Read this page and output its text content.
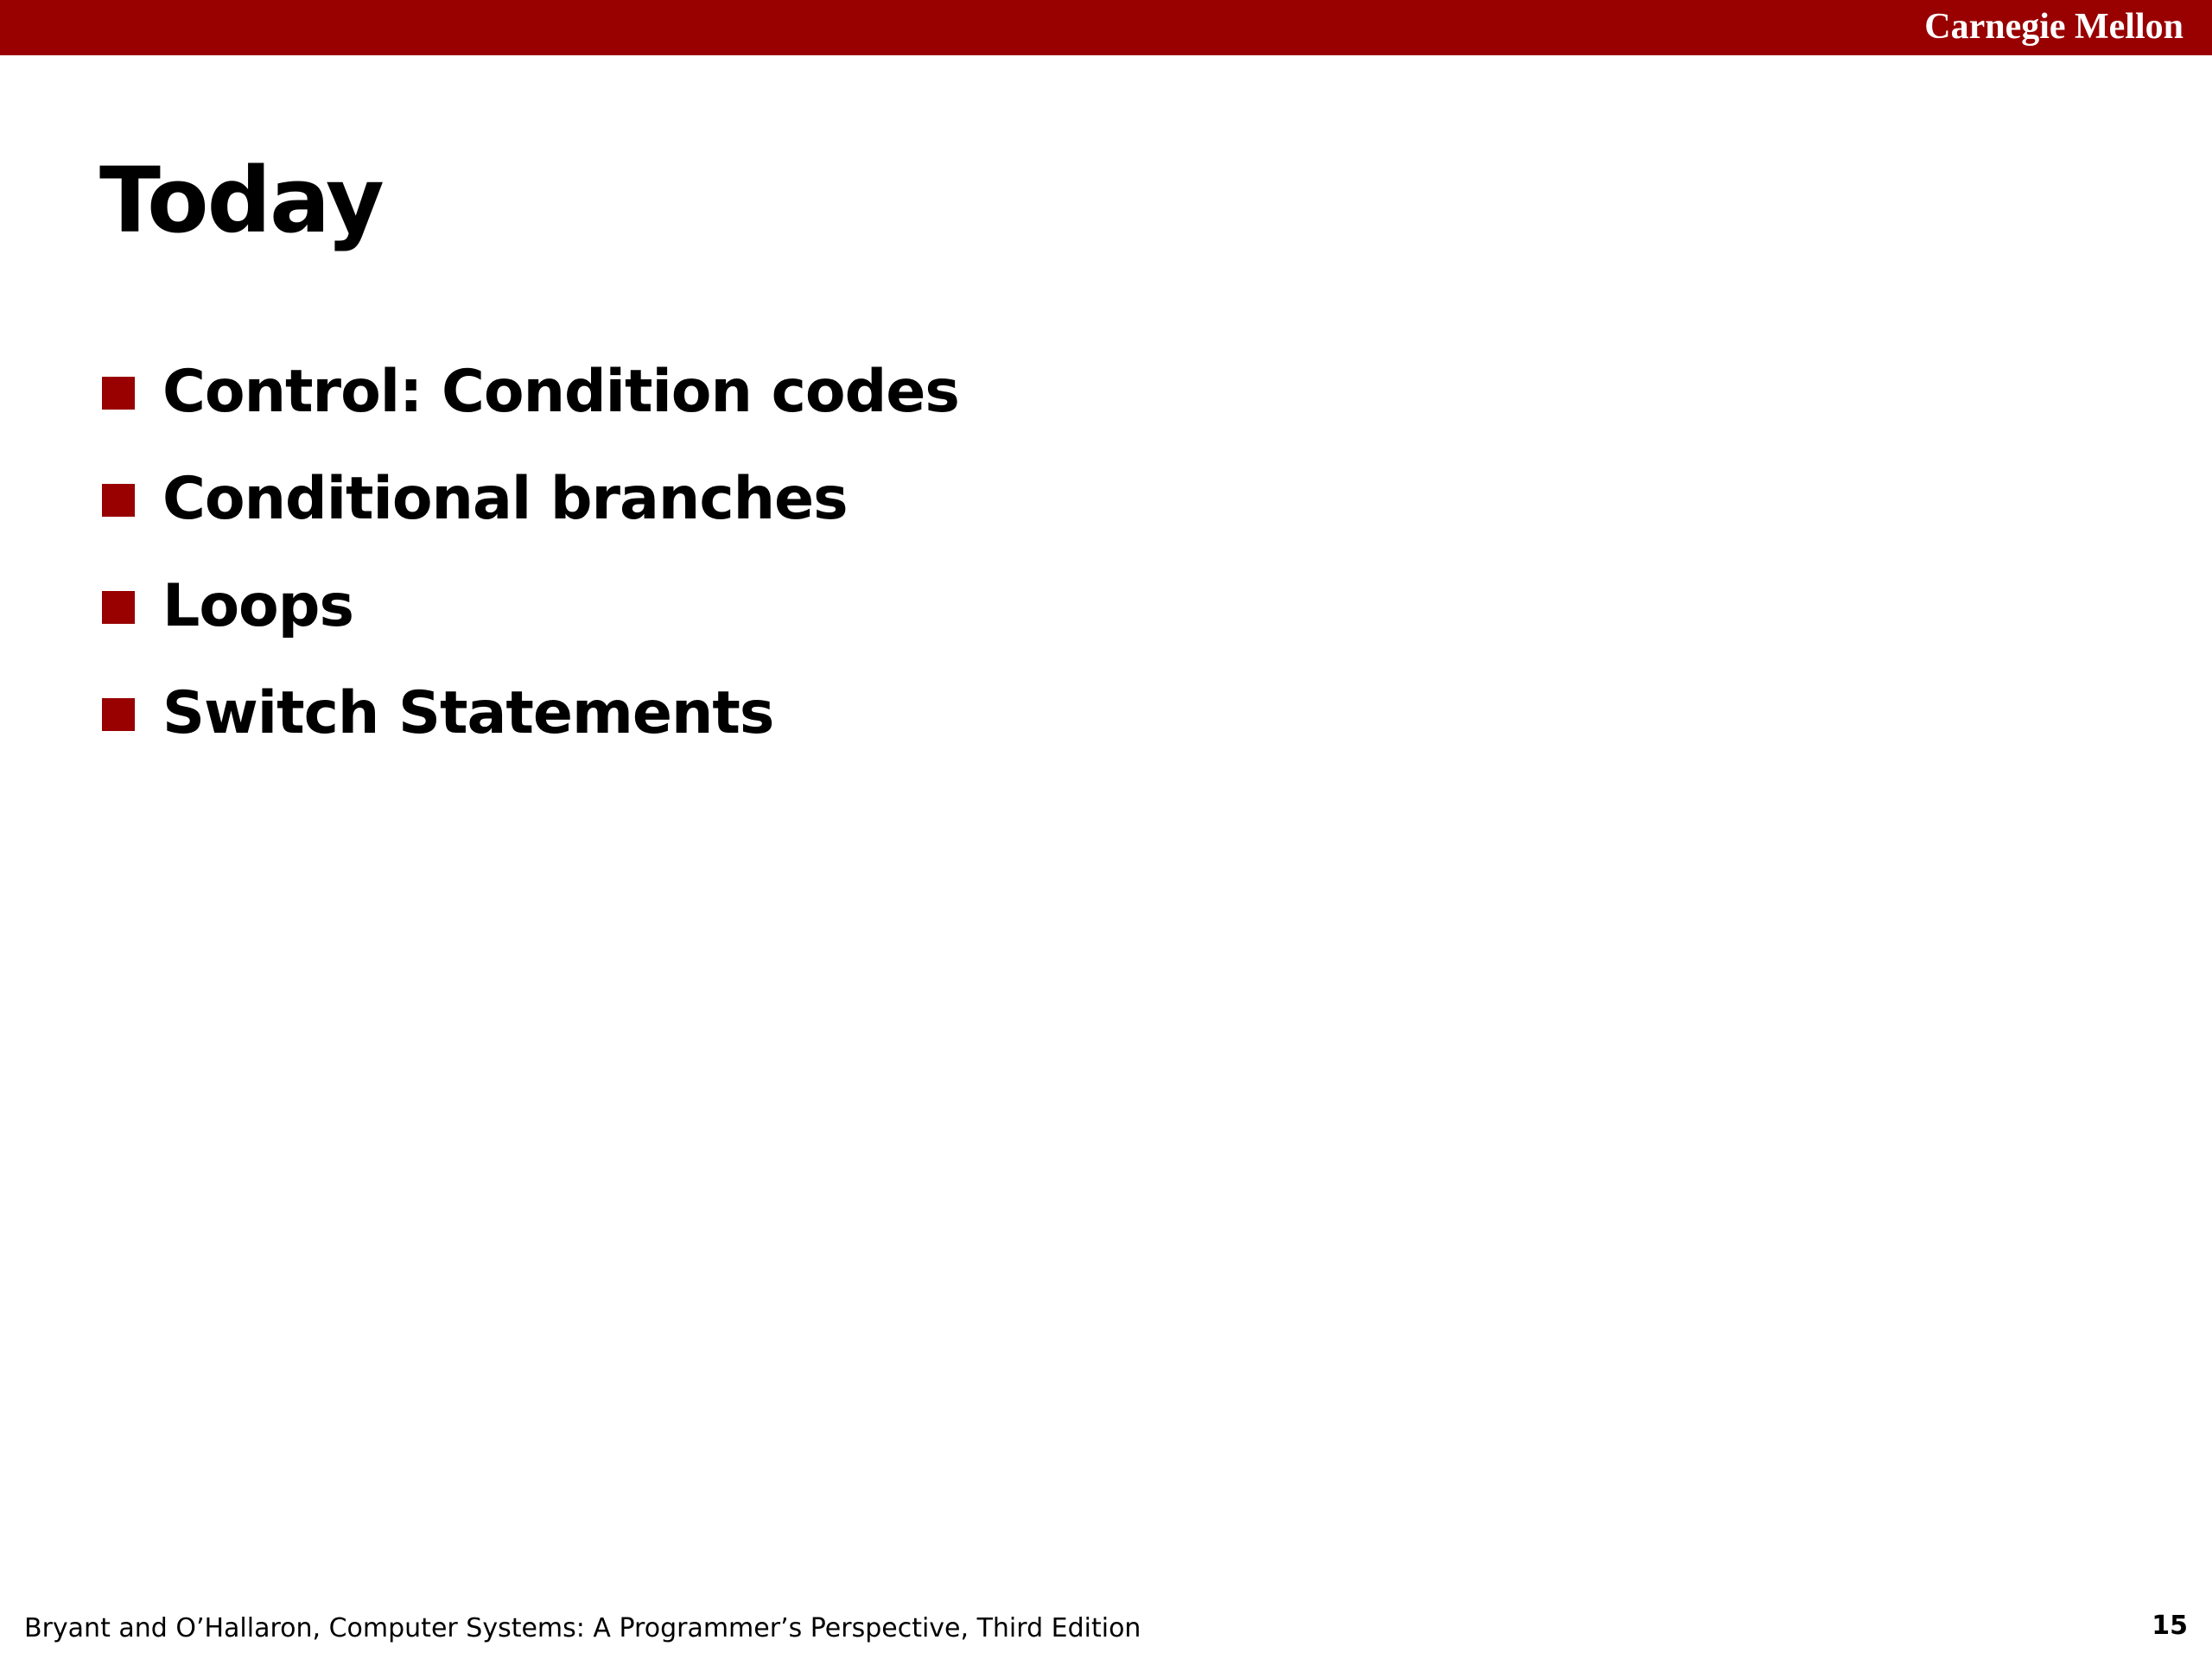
Carnegie Mellon
Today
Control: Condition codes
Conditional branches
Loops
Switch Statements
Bryant and O’Hallaron, Computer Systems: A Programmer’s Perspective, Third Edition	15
